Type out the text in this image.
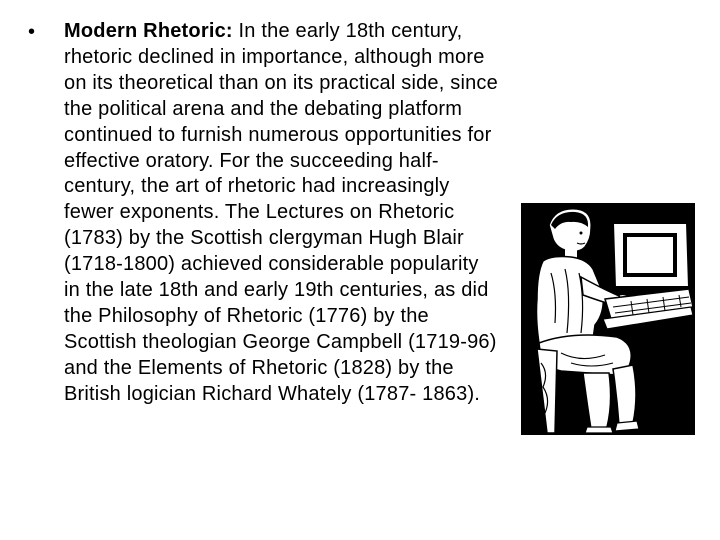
• Modern Rhetoric: In the early 18th century, rhetoric declined in importance, although more on its theoretical than on its practical side, since the political arena and the debating platform continued to furnish numerous opportunities for effective oratory. For the succeeding half-century, the art of rhetoric had increasingly fewer exponents. The Lectures on Rhetoric (1783) by the Scottish clergyman Hugh Blair (1718-1800) achieved considerable popularity in the late 18th and early 19th centuries, as did the Philosophy of Rhetoric (1776) by the Scottish theologian George Campbell (1719-96) and the Elements of Rhetoric (1828) by the British logician Richard Whately (1787- 1863).
